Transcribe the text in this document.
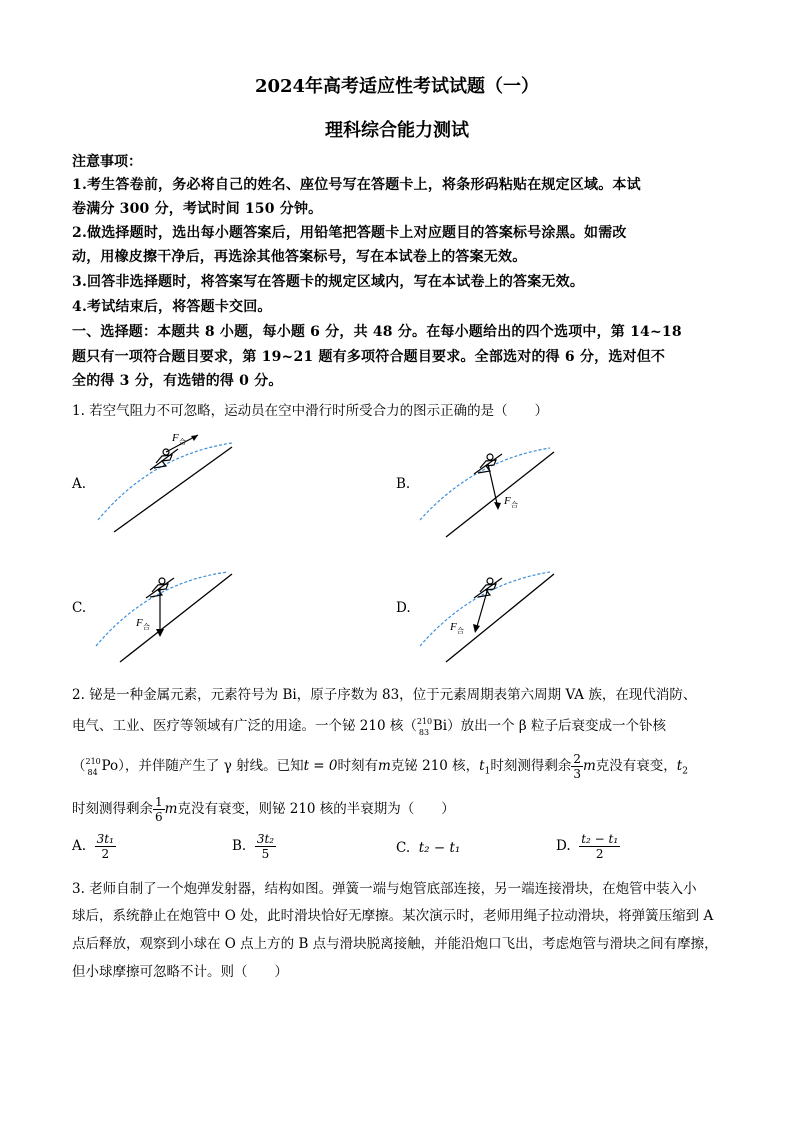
2024年高考适应性考试试题（一）
理科综合能力测试
注意事项：
1.考生答卷前，务必将自己的姓名、座位号写在答题卡上，将条形码粘贴在规定区域。本试
卷满分 300 分，考试时间 150 分钟。
2.做选择题时，选出每小题答案后，用铅笔把答题卡上对应题目的答案标号涂黑。如需改
动，用橡皮擦干净后，再选涂其他答案标号，写在本试卷上的答案无效。
3.回答非选择题时，将答案写在答题卡的规定区域内，写在本试卷上的答案无效。
4.考试结束后，将答题卡交回。
一、选择题：本题共 8 小题，每小题 6 分，共 48 分。在每小题给出的四个选项中，第 14~18
题只有一项符合题目要求，第 19~21 题有多项符合题目要求。全部选对的得 6 分，选对但不
全的得 3 分，有选错的得 0 分。
1. 若空气阻力不可忽略，运动员在空中滑行时所受合力的图示正确的是（　　）
A.	B.
C.	D.
F 合
F 合
F 合	F 合
2. 铋是一种金属元素，元素符号为 Bi，原子序数为 83，位于元素周期表第六周期 VA 族，在现代消防、
电气、工业、医疗等领域有广泛的用途。一个铋 210 核（ 210
83 Bi）放出一个 β 粒子后衰变成一个钋核
（ 210
84 Po），并伴随产生了 γ 射线。已知t = 0时刻有m克铋 210 核，$t_1$时刻测得剩余 $\frac{2}{3}$ m克没有衰变，$t_2$
时刻测得剩余 $\frac{1}{6}$ m克没有衰变，则铋 210 核的半衰期为（　　）
A. $\frac{\text{3t₁}}{2}$	B. $\frac{\text{3t₂}}{5}$	C. t₂ − t₁	D. $\frac{\text{t₂ − t₁}}{2}$
3. 老师自制了一个炮弹发射器，结构如图。弹簧一端与炮管底部连接，另一端连接滑块，在炮管中装入小
球后，系统静止在炮管中 O 处，此时滑块恰好无摩擦。某次演示时，老师用绳子拉动滑块，将弹簧压缩到 A
点后释放，观察到小球在 O 点上方的 B 点与滑块脱离接触，并能沿炮口飞出，考虑炮管与滑块之间有摩擦，
但小球摩擦可忽略不计。则（　　）
